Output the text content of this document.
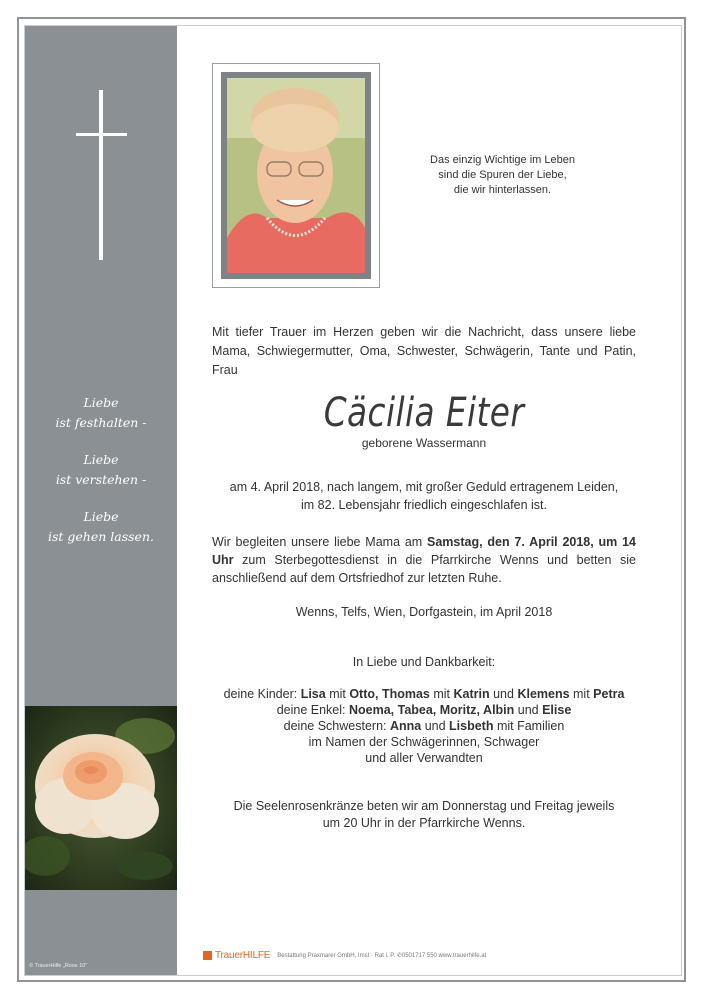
Liebe
ist festhalten -
Liebe
ist verstehen -
Liebe
ist gehen lassen.
© TrauerHilfe „Rose 10"
Das einzig Wichtige im Leben
sind die Spuren der Liebe,
die wir hinterlassen.
Mit tiefer Trauer im Herzen geben wir die Nachricht, dass unsere liebe
Mama, Schwiegermutter, Oma, Schwester, Schwägerin, Tante und Patin, Frau
Cäcilia Eiter
geborene Wassermann
am 4. April 2018, nach langem, mit großer Geduld ertragenem Leiden,
im 82. Lebensjahr friedlich eingeschlafen ist.
Wir begleiten unsere liebe Mama am Samstag, den 7. April 2018, um 14 Uhr zum Sterbegottesdienst in die Pfarrkirche Wenns und betten sie anschließend auf dem Ortsfriedhof zur letzten Ruhe.
Wenns, Telfs, Wien, Dorfgastein, im April 2018
In Liebe und Dankbarkeit:
deine Kinder: Lisa mit Otto, Thomas mit Katrin und Klemens mit Petra
deine Enkel: Noema, Tabea, Moritz, Albin und Elise
deine Schwestern: Anna und Lisbeth mit Familien
im Namen der Schwägerinnen, Schwager
und aller Verwandten
Die Seelenrosenkränze beten wir am Donnerstag und Freitag jeweils
um 20 Uhr in der Pfarrkirche Wenns.
TrauerHILFE Bestattung Praxmarer GmbH, Imst · Rat i. P. ✆0501717 550 www.trauerhilfe.at
